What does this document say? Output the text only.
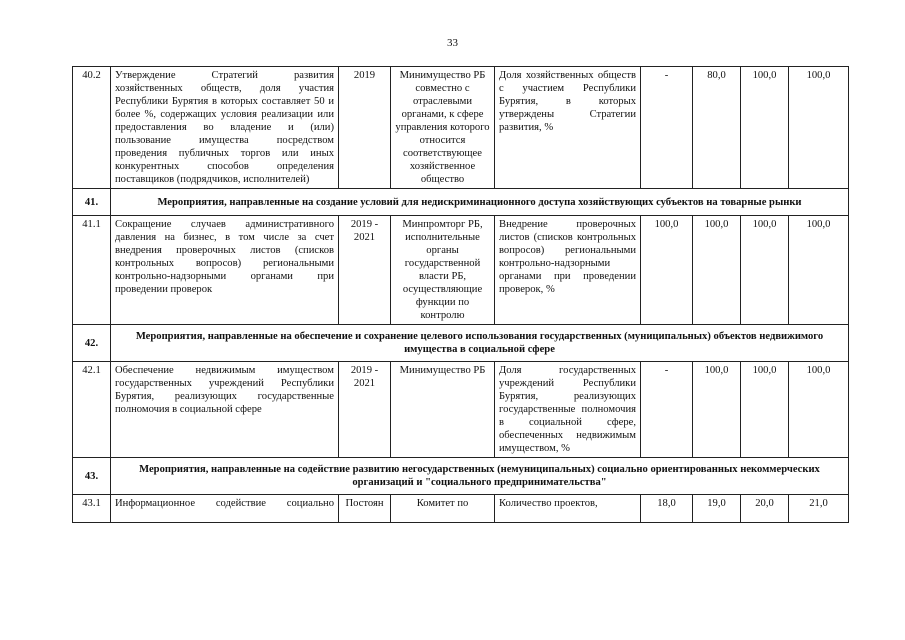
33
40.2	Утверждение Стратегий развития хозяйственных обществ, доля участия Республики Бурятия в которых составляет 50 и более %, содержащих условия реализации или предоставления во владение и (или) пользование имущества посредством проведения публичных торгов или иных конкурентных способов определения поставщиков (подрядчиков, исполнителей)	2019	Минимущество РБ совместно с отраслевыми органами, к сфере управления которого относится соответствующее хозяйственное общество	Доля хозяйственных обществ с участием Республики Бурятия, в которых утверждены Стратегии развития, %	-	80,0	100,0	100,0
41.	Мероприятия, направленные на создание условий для недискриминационного доступа хозяйствующих субъектов на товарные рынки							
41.1	Сокращение случаев административного давления на бизнес, в том числе за счет внедрения проверочных листов (списков контрольных вопросов) региональными контрольно-надзорными органами при проведении проверок	2019 - 2021	Минпромторг РБ, исполнительные органы государственной власти РБ, осуществляющие функции по контролю	Внедрение проверочных листов (списков контрольных вопросов) региональными контрольно-надзорными органами при проведении проверок, %	100,0	100,0	100,0	100,0
42.	Мероприятия, направленные на обеспечение и сохранение целевого использования государственных (муниципальных) объектов недвижимого имущества в социальной сфере							
42.1	Обеспечение недвижимым имуществом государственных учреждений Республики Бурятия, реализующих государственные полномочия в социальной сфере	2019 - 2021	Минимущество РБ	Доля государственных учреждений Республики Бурятия, реализующих государственные полномочия в социальной сфере, обеспеченных недвижимым имуществом, %	-	100,0	100,0	100,0
43.	Мероприятия, направленные на содействие развитию негосударственных (немуниципальных) социально ориентированных некоммерческих организаций и "социального предпринимательства"							
43.1	Информационное содействие социально	Постоян	Комитет по	Количество проектов,	18,0	19,0	20,0	21,0
